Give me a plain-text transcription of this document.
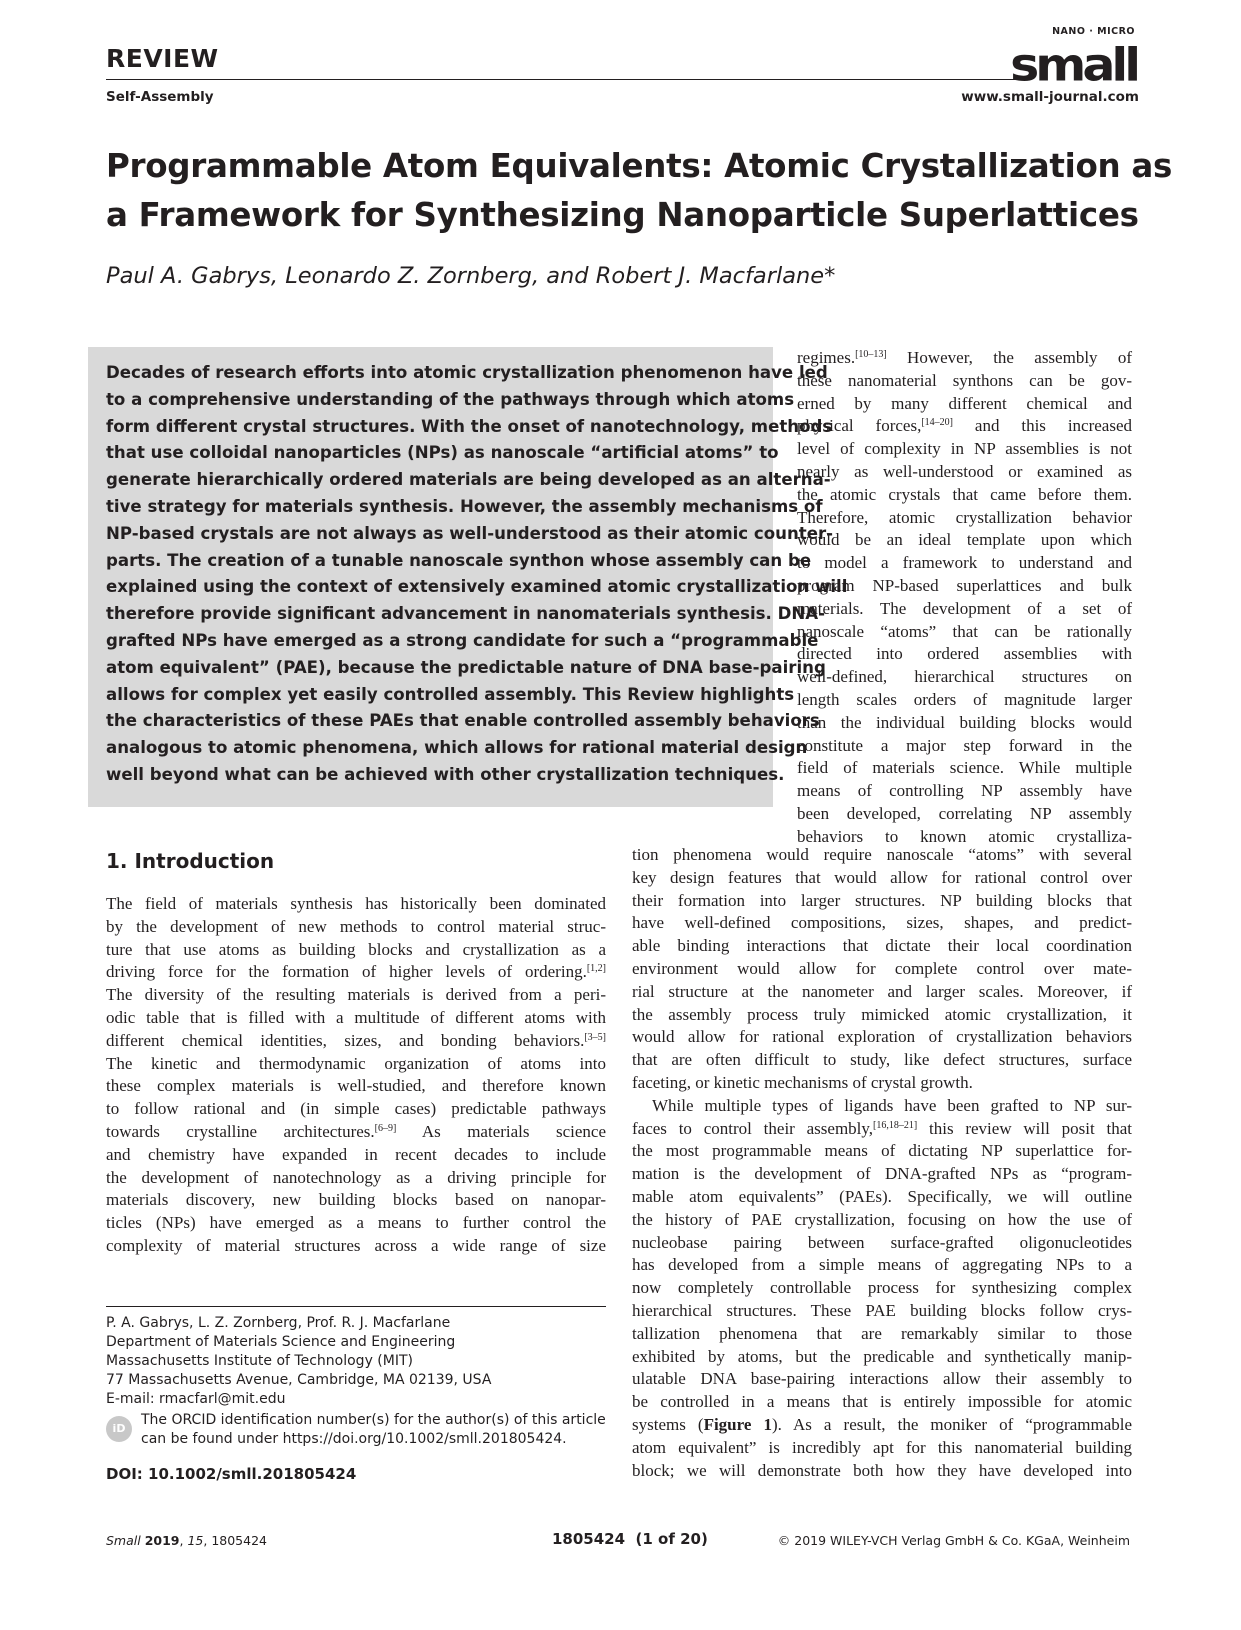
REVIEW
NANO · MICRO
small
Self-Assembly	www.small-journal.com
Programmable Atom Equivalents: Atomic Crystallization as
a Framework for Synthesizing Nanoparticle Superlattices
Paul A. Gabrys, Leonardo Z. Zornberg, and Robert J. Macfarlane*
Decades of research efforts into atomic crystallization phenomenon have led
to a comprehensive understanding of the pathways through which atoms
form different crystal structures. With the onset of nanotechnology, methods
that use colloidal nanoparticles (NPs) as nanoscale “artificial atoms” to
generate hierarchically ordered materials are being developed as an alterna-
tive strategy for materials synthesis. However, the assembly mechanisms of
NP-based crystals are not always as well-understood as their atomic counter-
parts. The creation of a tunable nanoscale synthon whose assembly can be
explained using the context of extensively examined atomic crystallization will
therefore provide significant advancement in nanomaterials synthesis. DNA-
grafted NPs have emerged as a strong candidate for such a “programmable
atom equivalent” (PAE), because the predictable nature of DNA base-pairing
allows for complex yet easily controlled assembly. This Review highlights
the characteristics of these PAEs that enable controlled assembly behaviors
analogous to atomic phenomena, which allows for rational material design
well beyond what can be achieved with other crystallization techniques.
regimes.[10–13] However, the assembly of
these nanomaterial synthons can be gov-
erned by many different chemical and
physical forces,[14–20] and this increased
level of complexity in NP assemblies is not
nearly as well-understood or examined as
the atomic crystals that came before them.
Therefore, atomic crystallization behavior
would be an ideal template upon which
to model a framework to understand and
program NP-based superlattices and bulk
materials. The development of a set of
nanoscale “atoms” that can be rationally
directed into ordered assemblies with
well-defined, hierarchical structures on
length scales orders of magnitude larger
than the individual building blocks would
constitute a major step forward in the
field of materials science. While multiple
means of controlling NP assembly have
been developed, correlating NP assembly
behaviors to known atomic crystalliza-
tion phenomena would require nanoscale “atoms” with several
key design features that would allow for rational control over
their formation into larger structures. NP building blocks that
have well-defined compositions, sizes, shapes, and predict-
able binding interactions that dictate their local coordination
environment would allow for complete control over mate-
rial structure at the nanometer and larger scales. Moreover, if
the assembly process truly mimicked atomic crystallization, it
would allow for rational exploration of crystallization behaviors
that are often difficult to study, like defect structures, surface
faceting, or kinetic mechanisms of crystal growth.
While multiple types of ligands have been grafted to NP sur-
faces to control their assembly,[16,18–21] this review will posit that
the most programmable means of dictating NP superlattice for-
mation is the development of DNA-grafted NPs as “program-
mable atom equivalents” (PAEs). Specifically, we will outline
the history of PAE crystallization, focusing on how the use of
nucleobase pairing between surface-grafted oligonucleotides
has developed from a simple means of aggregating NPs to a
now completely controllable process for synthesizing complex
hierarchical structures. These PAE building blocks follow crys-
tallization phenomena that are remarkably similar to those
exhibited by atoms, but the predicable and synthetically manip-
ulatable DNA base-pairing interactions allow their assembly to
be controlled in a means that is entirely impossible for atomic
systems (Figure 1). As a result, the moniker of “programmable
atom equivalent” is incredibly apt for this nanomaterial building
block; we will demonstrate both how they have developed into
1. Introduction
The field of materials synthesis has historically been dominated
by the development of new methods to control material struc-
ture that use atoms as building blocks and crystallization as a
driving force for the formation of higher levels of ordering.[1,2]
The diversity of the resulting materials is derived from a peri-
odic table that is filled with a multitude of different atoms with
different chemical identities, sizes, and bonding behaviors.[3–5]
The kinetic and thermodynamic organization of atoms into
these complex materials is well-studied, and therefore known
to follow rational and (in simple cases) predictable pathways
towards crystalline architectures.[6–9] As materials science
and chemistry have expanded in recent decades to include
the development of nanotechnology as a driving principle for
materials discovery, new building blocks based on nanopar-
ticles (NPs) have emerged as a means to further control the
complexity of material structures across a wide range of size
P. A. Gabrys, L. Z. Zornberg, Prof. R. J. Macfarlane
Department of Materials Science and Engineering
Massachusetts Institute of Technology (MIT)
77 Massachusetts Avenue, Cambridge, MA 02139, USA
E-mail: rmacfarl@mit.edu
iD
The ORCID identification number(s) for the author(s) of this article
can be found under https://doi.org/10.1002/smll.201805424.
DOI: 10.1002/smll.201805424
Small 2019, 15, 1805424	1805424  (1 of 20)	© 2019 WILEY-VCH Verlag GmbH & Co. KGaA, Weinheim
